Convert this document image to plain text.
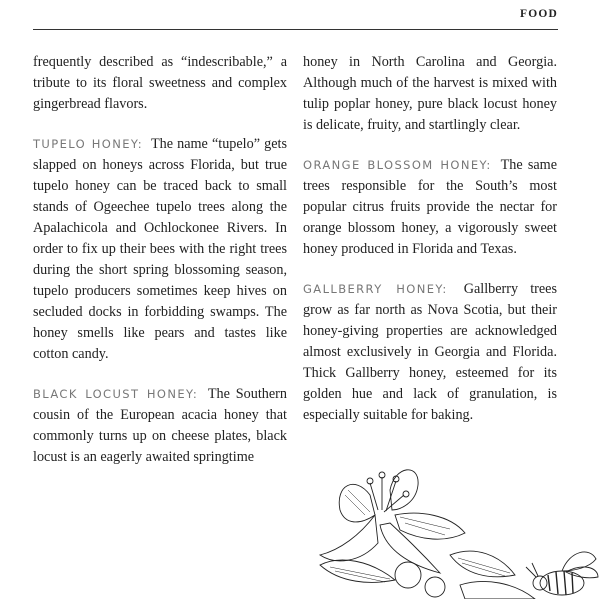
FOOD

frequently described as “indescribable,” a tribute to its floral sweetness and complex gingerbread flavors.

TUPELO HONEY: The name “tupelo” gets slapped on honeys across Florida, but true tupelo honey can be traced back to small stands of Ogeechee tupelo trees along the Apalachicola and Ochlockonee Rivers. In order to fix up their bees with the right trees during the short spring blossoming season, tupelo producers sometimes keep hives on secluded docks in forbidding swamps. The honey smells like pears and tastes like cotton candy.

BLACK LOCUST HONEY: The Southern cousin of the European acacia honey that commonly turns up on cheese plates, black locust is an eagerly awaited springtime

honey in North Carolina and Georgia. Although much of the harvest is mixed with tulip poplar honey, pure black locust honey is delicate, fruity, and startlingly clear.

ORANGE BLOSSOM HONEY: The same trees responsible for the South’s most popular citrus fruits provide the nectar for orange blossom honey, a vigorously sweet honey produced in Florida and Texas.

GALLBERRY HONEY: Gallberry trees grow as far north as Nova Scotia, but their honey-giving properties are acknowledged almost exclusively in Georgia and Florida. Thick Gallberry honey, esteemed for its golden hue and lack of granulation, is especially suitable for baking.
